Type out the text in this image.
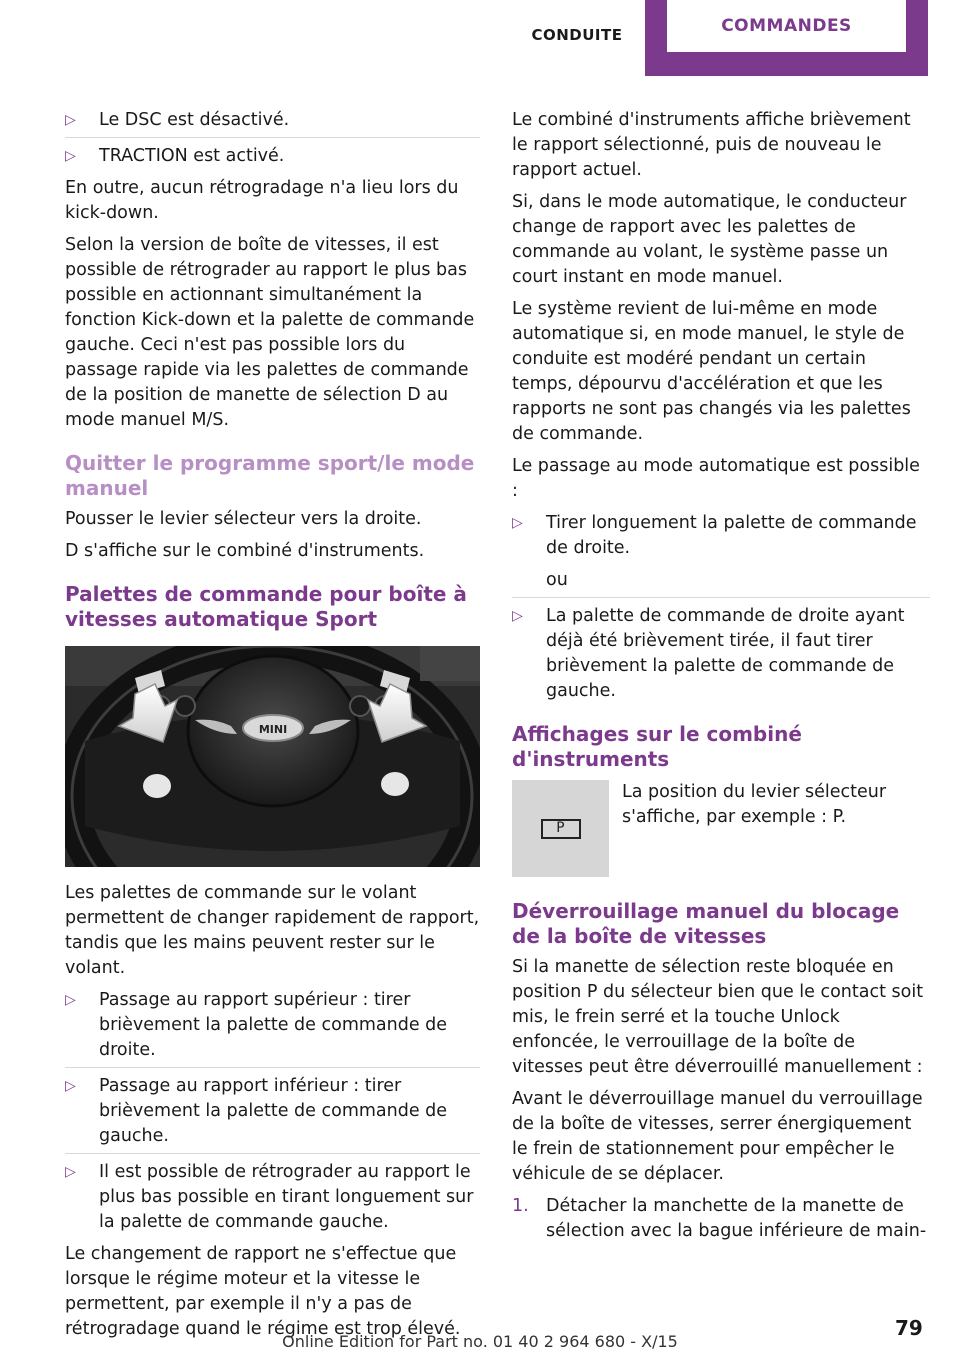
CONDUITE	COMMANDES
▷ Le DSC est désactivé.
▷ TRACTION est activé.

En outre, aucun rétrogradage n'a lieu lors du kick-down.

Selon la version de boîte de vitesses, il est possible de rétrograder au rapport le plus bas possible en actionnant simultanément la fonction Kick-down et la palette de commande gauche. Ceci n'est pas possible lors du passage rapide via les palettes de commande de la position de manette de sélection D au mode manuel M/S.

Quitter le programme sport/le mode manuel

Pousser le levier sélecteur vers la droite.

D s'affiche sur le combiné d'instruments.

Palettes de commande pour boîte à vitesses automatique Sport
MINI

Les palettes de commande sur le volant permettent de changer rapidement de rapport, tandis que les mains peuvent rester sur le volant.

▷ Passage au rapport supérieur : tirer brièvement la palette de commande de droite.
▷ Passage au rapport inférieur : tirer brièvement la palette de commande de gauche.
▷ Il est possible de rétrograder au rapport le plus bas possible en tirant longuement sur la palette de commande gauche.

Le changement de rapport ne s'effectue que lorsque le régime moteur et la vitesse le permettent, par exemple il n'y a pas de rétrogradage quand le régime est trop élevé.

Le combiné d'instruments affiche brièvement le rapport sélectionné, puis de nouveau le rapport actuel.

Si, dans le mode automatique, le conducteur change de rapport avec les palettes de commande au volant, le système passe un court instant en mode manuel.

Le système revient de lui-même en mode automatique si, en mode manuel, le style de conduite est modéré pendant un certain temps, dépourvu d'accélération et que les rapports ne sont pas changés via les palettes de commande.

Le passage au mode automatique est possible :

▷ Tirer longuement la palette de commande de droite.
ou
▷ La palette de commande de droite ayant déjà été brièvement tirée, il faut tirer brièvement la palette de commande de gauche.
Affichages sur le combiné d'instruments
P
La position du levier sélecteur s'affiche, par exemple : P.
Déverrouillage manuel du blocage de la boîte de vitesses

Si la manette de sélection reste bloquée en position P du sélecteur bien que le contact soit mis, le frein serré et la touche Unlock enfoncée, le verrouillage de la boîte de vitesses peut être déverrouillé manuellement :

Avant le déverrouillage manuel du verrouillage de la boîte de vitesses, serrer énergiquement le frein de stationnement pour empêcher le véhicule de se déplacer.

1. Détacher la manchette de la manette de sélection avec la bague inférieure de main-
79
Online Edition for Part no. 01 40 2 964 680 - X/15
